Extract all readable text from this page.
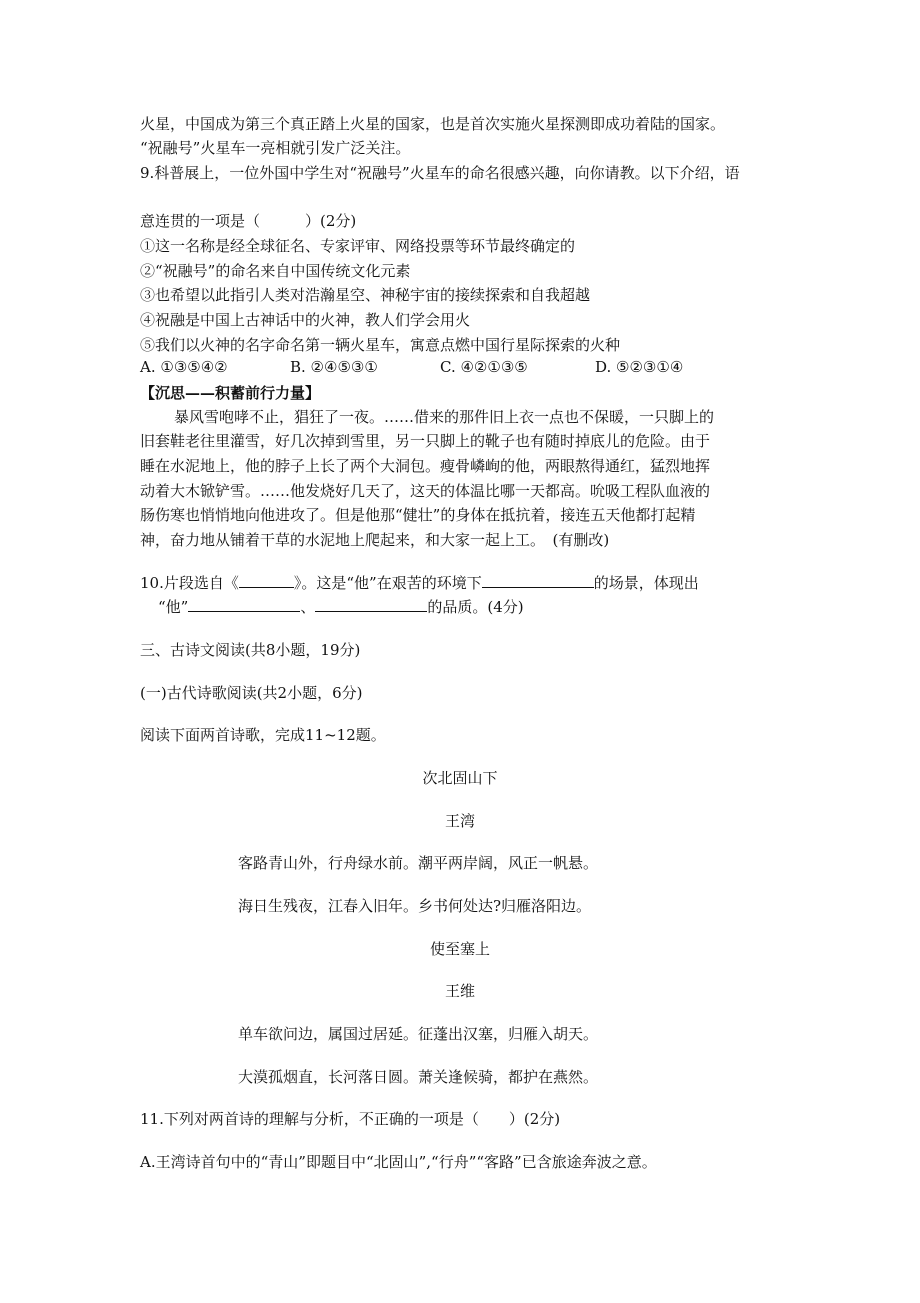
火星，中国成为第三个真正踏上火星的国家，也是首次实施火星探测即成功着陆的国家。
“祝融号”火星车一亮相就引发广泛关注。
9.科普展上，一位外国中学生对“祝融号”火星车的命名很感兴趣，向你请教。以下介绍，语
意连贯的一项是（　　　）(2分)
①这一名称是经全球征名、专家评审、网络投票等环节最终确定的
②“祝融号”的命名来自中国传统文化元素
③也希望以此指引人类对浩瀚星空、神秘宇宙的接续探索和自我超越
④祝融是中国上古神话中的火神，教人们学会用火
⑤我们以火神的名字命名第一辆火星车，寓意点燃中国行星际探索的火种
A. ①③⑤④②	B. ②④⑤③①	C. ④②①③⑤	D. ⑤②③①④
【沉思——积蓄前行力量】
暴风雪咆哮不止，猖狂了一夜。……借来的那件旧上衣一点也不保暖，一只脚上的
旧套鞋老往里灌雪，好几次掉到雪里，另一只脚上的靴子也有随时掉底儿的危险。由于
睡在水泥地上，他的脖子上长了两个大洞包。瘦骨嶙峋的他，两眼熬得通红，猛烈地挥
动着大木锨铲雪。……他发烧好几天了，这天的体温比哪一天都高。吮吸工程队血液的
肠伤寒也悄悄地向他进攻了。但是他那“健壮”的身体在抵抗着，接连五天他都打起精
神，奋力地从铺着干草的水泥地上爬起来，和大家一起上工。　(有删改)
10.片段选自《	》。这是“他”在艰苦的环境下	的场景，体现出
“他”	、	的品质。(4分)
三、古诗文阅读(共8小题，19分)
(一)古代诗歌阅读(共2小题，6分)
阅读下面两首诗歌，完成11~12题。
次北固山下
王湾
客路青山外，行舟绿水前。潮平两岸阔，风正一帆悬。
海日生残夜，江春入旧年。乡书何处达?归雁洛阳边。
使至塞上
王维
单车欲问边，属国过居延。征蓬出汉塞，归雁入胡天。
大漠孤烟直，长河落日圆。萧关逢候骑，都护在燕然。
11.下列对两首诗的理解与分析，不正确的一项是（　　）(2分)
A.王湾诗首句中的“青山”即题目中“北固山”,“行舟”“客路”已含旅途奔波之意。
